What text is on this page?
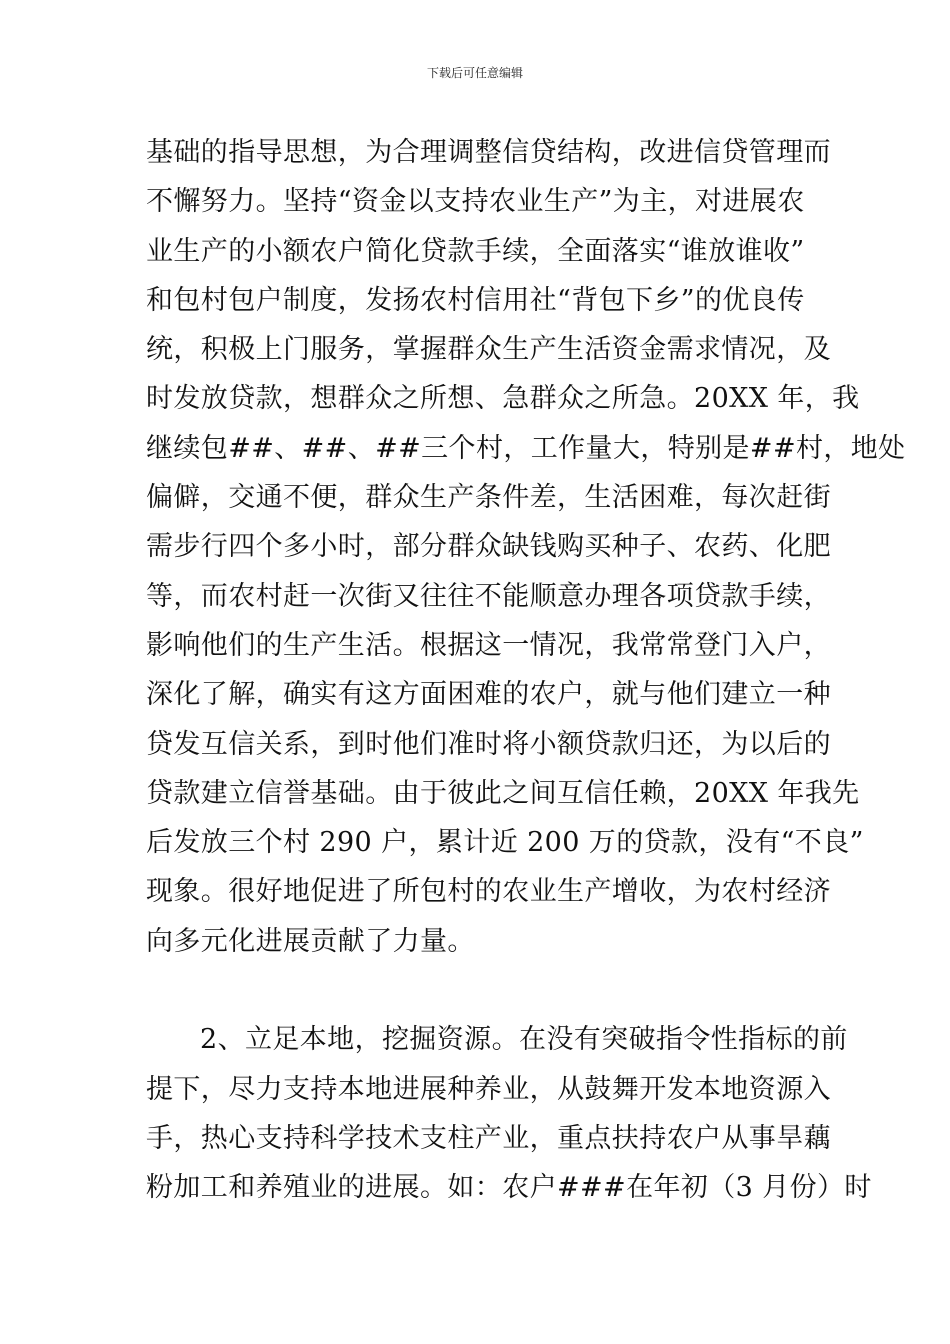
下载后可任意编辑
基础的指导思想，为合理调整信贷结构，改进信贷管理而
不懈努力。坚持“资金以支持农业生产”为主，对进展农
业生产的小额农户简化贷款手续，全面落实“谁放谁收”
和包村包户制度，发扬农村信用社“背包下乡”的优良传
统，积极上门服务，掌握群众生产生活资金需求情况，及
时发放贷款，想群众之所想、急群众之所急。20XX 年，我
继续包##、##、##三个村，工作量大，特别是##村，地处
偏僻，交通不便，群众生产条件差，生活困难，每次赶街
需步行四个多小时，部分群众缺钱购买种子、农药、化肥
等，而农村赶一次街又往往不能顺意办理各项贷款手续，
影响他们的生产生活。根据这一情况，我常常登门入户，
深化了解，确实有这方面困难的农户，就与他们建立一种
贷发互信关系，到时他们准时将小额贷款归还，为以后的
贷款建立信誉基础。由于彼此之间互信任赖，20XX 年我先
后发放三个村 290 户，累计近 200 万的贷款，没有“不良”
现象。很好地促进了所包村的农业生产增收，为农村经济
向多元化进展贡献了力量。
2、立足本地，挖掘资源。在没有突破指令性指标的前
提下，尽力支持本地进展种养业，从鼓舞开发本地资源入
手，热心支持科学技术支柱产业，重点扶持农户从事旱藕
粉加工和养殖业的进展。如：农户###在年初（3 月份）时
